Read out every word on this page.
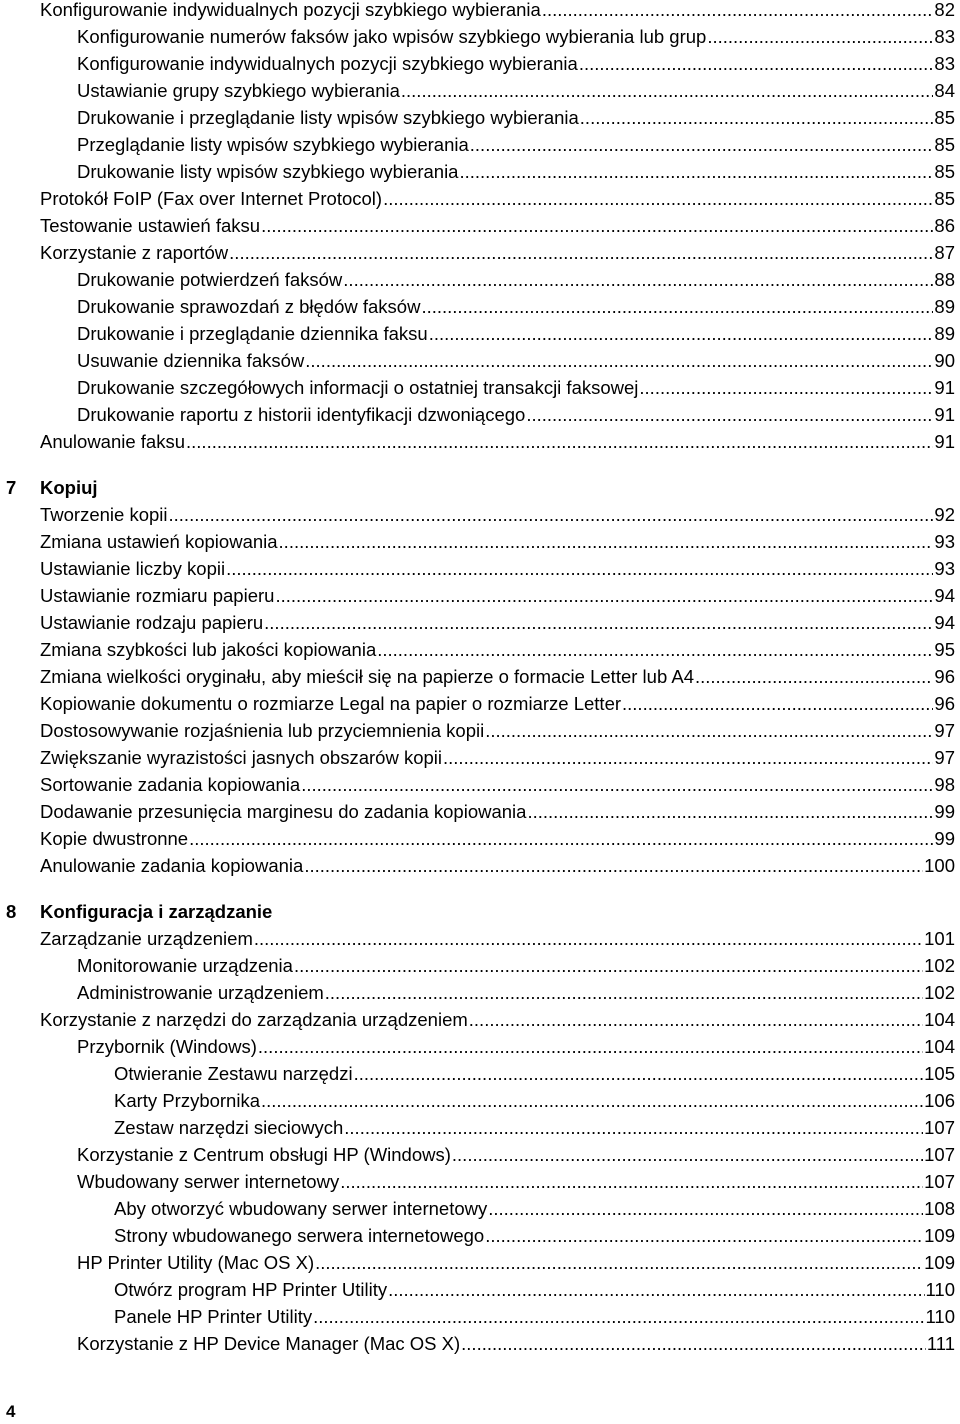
Konfigurowanie indywidualnych pozycji szybkiego wybierania .....	82
Konfigurowanie numerów faksów jako wpisów szybkiego wybierania lub grup .....	83
Konfigurowanie indywidualnych pozycji szybkiego wybierania .....	83
Ustawianie grupy szybkiego wybierania .....	84
Drukowanie i przeglądanie listy wpisów szybkiego wybierania .....	85
Przeglądanie listy wpisów szybkiego wybierania .....	85
Drukowanie listy wpisów szybkiego wybierania .....	85
Protokół FoIP (Fax over Internet Protocol) .....	85
Testowanie ustawień faksu .....	86
Korzystanie z raportów .....	87
Drukowanie potwierdzeń faksów .....	88
Drukowanie sprawozdań z błędów faksów .....	89
Drukowanie i przeglądanie dziennika faksu .....	89
Usuwanie dziennika faksów .....	90
Drukowanie szczegółowych informacji o ostatniej transakcji faksowej .....	91
Drukowanie raportu z historii identyfikacji dzwoniącego .....	91
Anulowanie faksu .....	91
7	Kopiuj
Tworzenie kopii .....	92
Zmiana ustawień kopiowania .....	93
Ustawianie liczby kopii .....	93
Ustawianie rozmiaru papieru .....	94
Ustawianie rodzaju papieru .....	94
Zmiana szybkości lub jakości kopiowania .....	95
Zmiana wielkości oryginału, aby mieścił się na papierze o formacie Letter lub A4 .....	96
Kopiowanie dokumentu o rozmiarze Legal na papier o rozmiarze Letter .....	96
Dostosowywanie rozjaśnienia lub przyciemnienia kopii .....	97
Zwiększanie wyrazistości jasnych obszarów kopii .....	97
Sortowanie zadania kopiowania .....	98
Dodawanie przesunięcia marginesu do zadania kopiowania .....	99
Kopie dwustronne .....	99
Anulowanie zadania kopiowania .....	100
8	Konfiguracja i zarządzanie
Zarządzanie urządzeniem .....	101
Monitorowanie urządzenia .....	102
Administrowanie urządzeniem .....	102
Korzystanie z narzędzi do zarządzania urządzeniem .....	104
Przybornik (Windows) .....	104
Otwieranie Zestawu narzędzi .....	105
Karty Przybornika .....	106
Zestaw narzędzi sieciowych .....	107
Korzystanie z Centrum obsługi HP (Windows) .....	107
Wbudowany serwer internetowy .....	107
Aby otworzyć wbudowany serwer internetowy .....	108
Strony wbudowanego serwera internetowego .....	109
HP Printer Utility (Mac OS X) .....	109
Otwórz program HP Printer Utility .....	110
Panele HP Printer Utility .....	110
Korzystanie z HP Device Manager (Mac OS X) .....	111
4
